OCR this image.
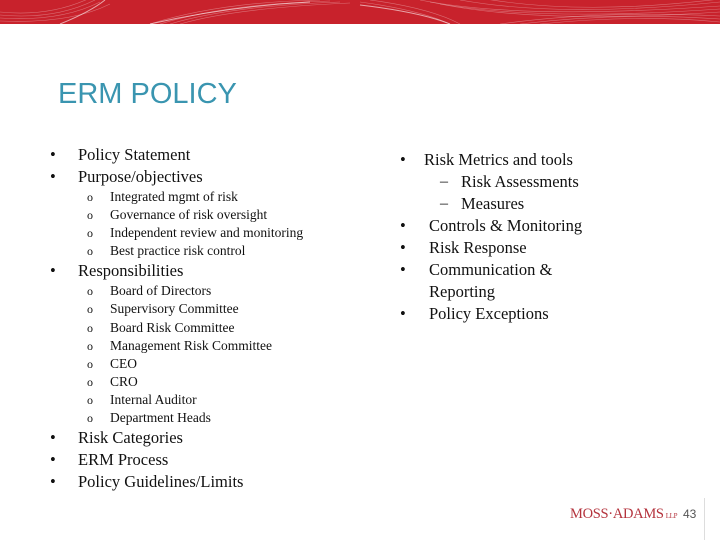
ERM POLICY
•	Policy Statement
•	Purpose/objectives
o	Integrated mgmt of risk
o	Governance of risk oversight
o	Independent review and monitoring
o	Best practice risk control
•	Responsibilities
o	Board of Directors
o	Supervisory Committee
o	Board Risk Committee
o	Management Risk Committee
o	CEO
o	CRO
o	Internal Auditor
o	Department Heads
•	Risk Categories
•	ERM Process
•	Policy Guidelines/Limits
•	Risk Metrics and tools
– Risk Assessments
– Measures
•	Controls & Monitoring
•	Risk Response
•	Communication & Reporting
•	Policy Exceptions
MOSS·ADAMS LLP 43
